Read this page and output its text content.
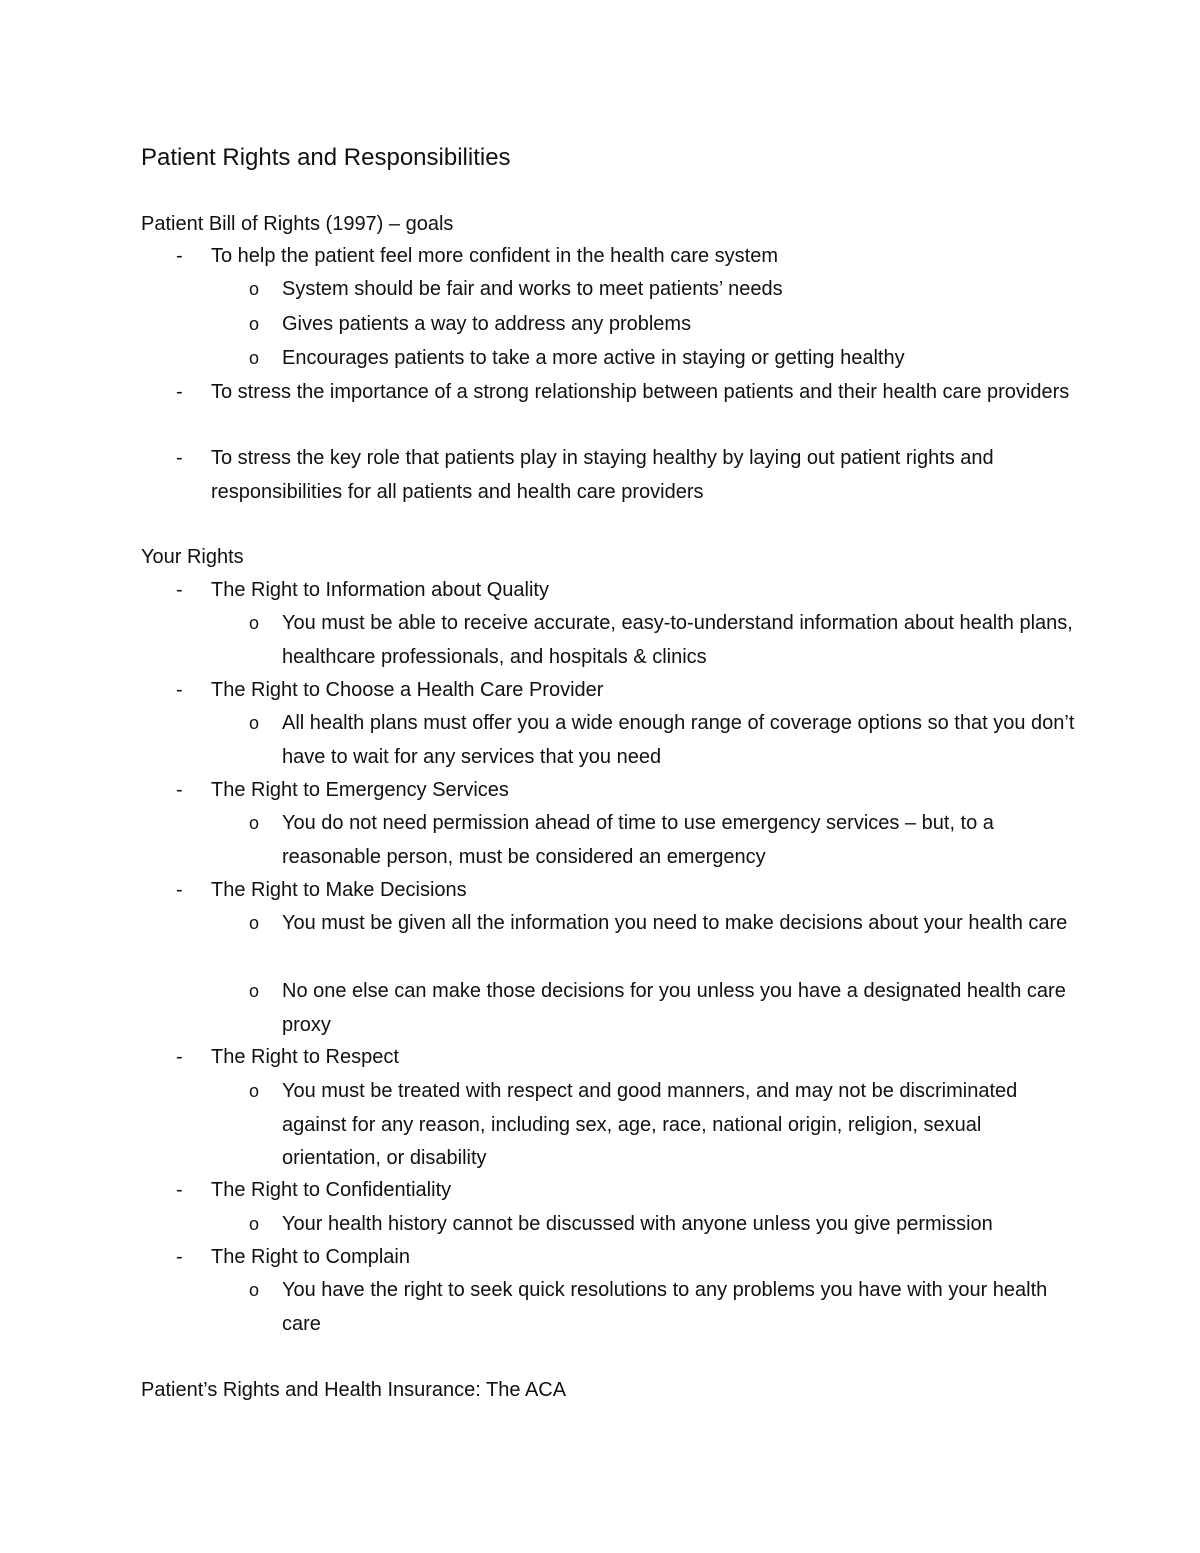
Patient Rights and Responsibilities
Patient Bill of Rights (1997) – goals
- To help the patient feel more confident in the health care system
o System should be fair and works to meet patients’ needs
o Gives patients a way to address any problems
o Encourages patients to take a more active in staying or getting healthy
- To stress the importance of a strong relationship between patients and their health care providers
- To stress the key role that patients play in staying healthy by laying out patient rights and responsibilities for all patients and health care providers
Your Rights
- The Right to Information about Quality
o You must be able to receive accurate, easy-to-understand information about health plans, healthcare professionals, and hospitals & clinics
- The Right to Choose a Health Care Provider
o All health plans must offer you a wide enough range of coverage options so that you don’t have to wait for any services that you need
- The Right to Emergency Services
o You do not need permission ahead of time to use emergency services – but, to a reasonable person, must be considered an emergency
- The Right to Make Decisions
o You must be given all the information you need to make decisions about your health care
o No one else can make those decisions for you unless you have a designated health care proxy
- The Right to Respect
o You must be treated with respect and good manners, and may not be discriminated against for any reason, including sex, age, race, national origin, religion, sexual orientation, or disability
- The Right to Confidentiality
o Your health history cannot be discussed with anyone unless you give permission
- The Right to Complain
o You have the right to seek quick resolutions to any problems you have with your health care
Patient’s Rights and Health Insurance: The ACA
